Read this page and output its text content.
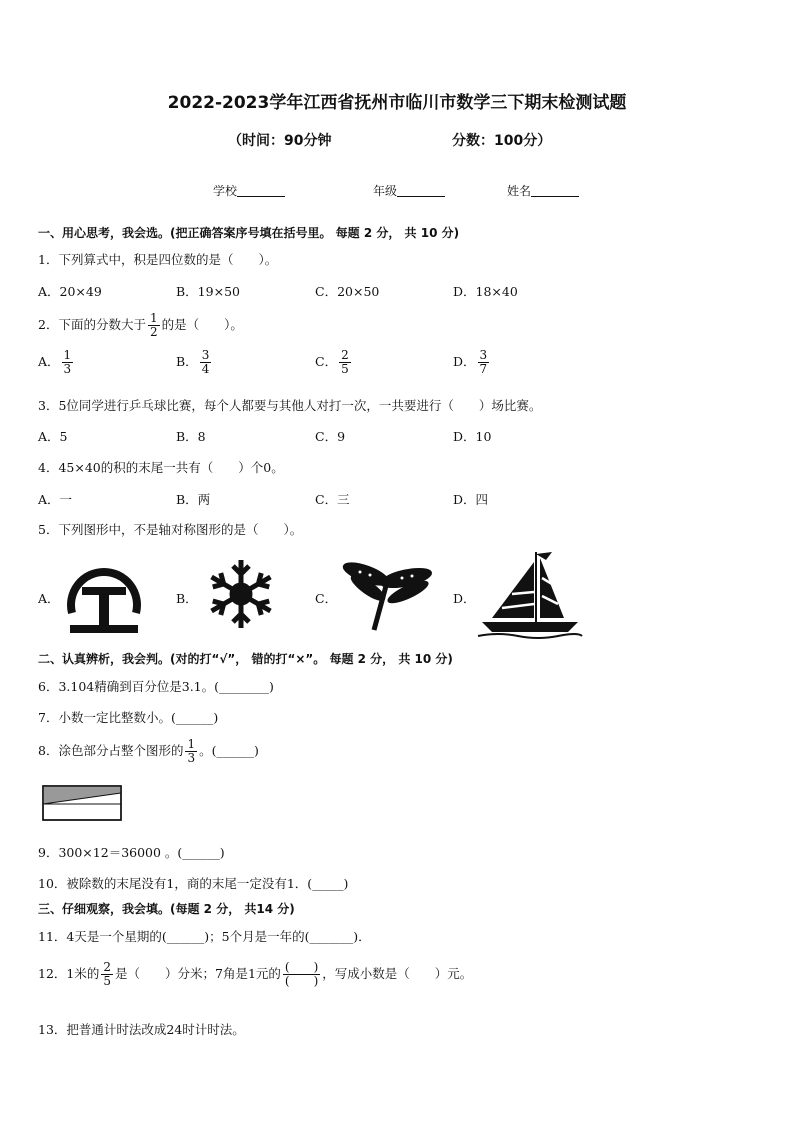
2022-2023学年江西省抚州市临川市数学三下期末检测试题
（时间：90分钟	分数：100分）
学校	年级	姓名
一、用心思考，我会选。(把正确答案序号填在括号里。 每题 2 分， 共 10 分)
1．下列算式中，积是四位数的是（　　）。
A．20×49	B．19×50	C．20×50	D．18×40
2．下面的分数大于 $\frac{1}{2}$ 的是（　　）。
A． $\frac{1}{3}$	B． $\frac{3}{4}$	C． $\frac{2}{5}$	D． $\frac{3}{7}$
3．5位同学进行乒乓球比赛，每个人都要与其他人对打一次，一共要进行（　　）场比赛。
A．5	B．8	C．9	D．10
4．45×40的积的末尾一共有（　　）个0。
A．一	B．两	C．三	D．四
5．下列图形中，不是轴对称图形的是（　　）。
A．	B．	C．	D．
二、认真辨析，我会判。(对的打“√”， 错的打“×”。 每题 2 分， 共 10 分)
6．3.104精确到百分位是3.1。(________)
7．小数一定比整数小。(______)
8．涂色部分占整个图形的 $\frac{1}{3}$ 。(______)
9．300×12＝36000 。(______)
10．被除数的末尾没有1，商的末尾一定没有1．(_____)
三、仔细观察，我会填。(每题 2 分， 共14 分)
11．4天是一个星期的(______)；5个月是一年的(_______)．
12．1米的 $\frac{2}{5}$ 是（　　）分米；7角是1元的 $\frac{( )}{( )}$ ，写成小数是（　　）元。
13．把普通计时法改成24时计时法。
